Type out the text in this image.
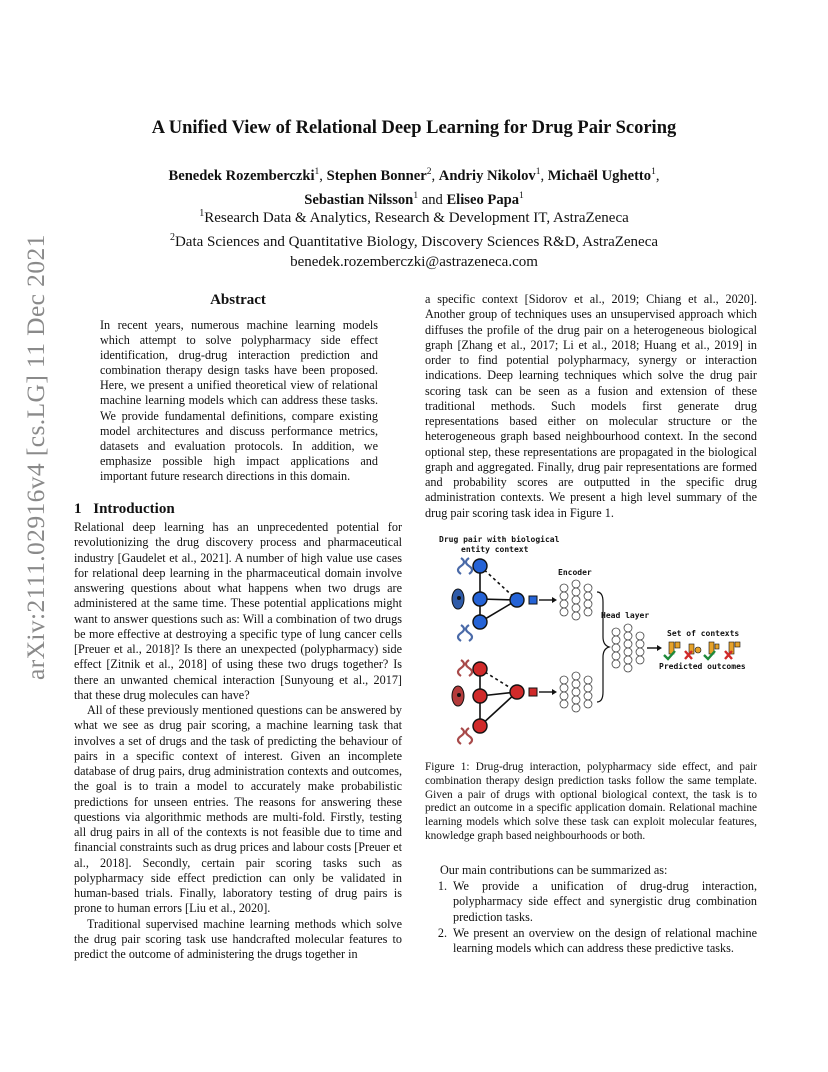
arXiv:2111.02916v4 [cs.LG] 11 Dec 2021
A Unified View of Relational Deep Learning for Drug Pair Scoring
Benedek Rozemberczki$^1$, Stephen Bonner$^2$, Andriy Nikolov$^1$, Michaël Ughetto$^1$,
Sebastian Nilsson$^1$ and Eliseo Papa$^1$
$^1$Research Data & Analytics, Research & Development IT, AstraZeneca
$^2$Data Sciences and Quantitative Biology, Discovery Sciences R&D, AstraZeneca
benedek.rozemberczki@astrazeneca.com
Abstract
In recent years, numerous machine learning models which attempt to solve polypharmacy side effect identification, drug-drug interaction prediction and combination therapy design tasks have been proposed. Here, we present a unified theoretical view of relational machine learning models which can address these tasks. We provide fundamental definitions, compare existing model architectures and discuss performance metrics, datasets and evaluation protocols. In addition, we emphasize possible high impact applications and important future research directions in this domain.
1 Introduction

Relational deep learning has an unprecedented potential for revolutionizing the drug discovery process and pharmaceutical industry [Gaudelet et al., 2021]. A number of high value use cases for relational deep learning in the pharmaceutical domain involve answering questions about what happens when two drugs are administered at the same time. These potential applications might want to answer questions such as: Will a combination of two drugs be more effective at destroying a specific type of lung cancer cells [Preuer et al., 2018]? Is there an unexpected (polypharmacy) side effect [Zitnik et al., 2018] of using these two drugs together? Is there an unwanted chemical interaction [Sunyoung et al., 2017] that these drug molecules can have?

All of these previously mentioned questions can be answered by what we see as drug pair scoring, a machine learning task that involves a set of drugs and the task of predicting the behaviour of pairs in a specific context of interest. Given an incomplete database of drug pairs, drug administration contexts and outcomes, the goal is to train a model to accurately make probabilistic predictions for unseen entries. The reasons for answering these questions via algorithmic methods are multi-fold. Firstly, testing all drug pairs in all of the contexts is not feasible due to time and financial constraints such as drug prices and labour costs [Preuer et al., 2018]. Secondly, certain pair scoring tasks such as polypharmacy side effect prediction can only be validated in human-based trials. Finally, laboratory testing of drug pairs is prone to human errors [Liu et al., 2020].

Traditional supervised machine learning methods which solve the drug pair scoring task use handcrafted molecular features to predict the outcome of administering the drugs together in

a specific context [Sidorov et al., 2019; Chiang et al., 2020]. Another group of techniques uses an unsupervised approach which diffuses the profile of the drug pair on a heterogeneous biological graph [Zhang et al., 2017; Li et al., 2018; Huang et al., 2019] in order to find potential polypharmacy, synergy or interaction indications. Deep learning techniques which solve the drug pair scoring task can be seen as a fusion and extension of these traditional methods. Such models first generate drug representations based either on molecular structure or the heterogeneous graph based neighbourhood context. In the second optional step, these representations are propagated in the biological graph and aggregated. Finally, drug pair representations are formed and probability scores are outputted in the specific drug administration contexts. We present a high level summary of the drug pair scoring task idea in Figure 1.

Drug pair with biological
entity context
Encoder
Head layer
Set of contexts
Predicted outcomes
Figure 1: Drug-drug interaction, polypharmacy side effect, and pair combination therapy design prediction tasks follow the same template. Given a pair of drugs with optional biological context, the task is to predict an outcome in a specific application domain. Relational machine learning models which solve these task can exploit molecular features, knowledge graph based neighbourhoods or both.
Our main contributions can be summarized as:
1. We provide a unification of drug-drug interaction, polypharmacy side effect and synergistic drug combination prediction tasks.
2. We present an overview on the design of relational machine learning models which can address these predictive tasks.
